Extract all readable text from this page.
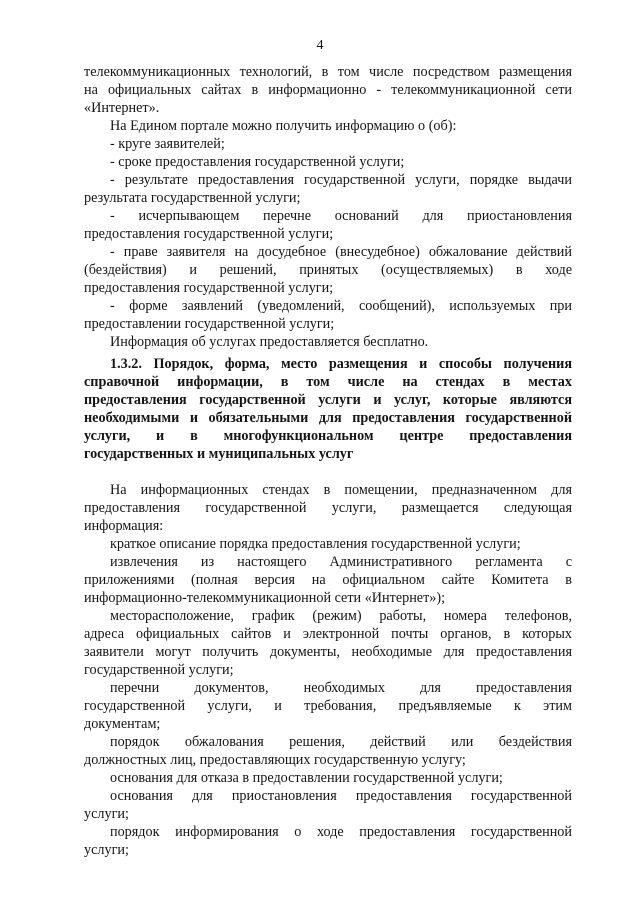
4
телекоммуникационных технологий, в том числе посредством размещения
на официальных сайтах в информационно - телекоммуникационной сети
«Интернет».
На Едином портале можно получить информацию о (об):
- круге заявителей;
- сроке предоставления государственной услуги;
- результате предоставления государственной услуги, порядке выдачи
результата государственной услуги;
- исчерпывающем перечне оснований для приостановления
предоставления государственной услуги;
- праве заявителя на досудебное (внесудебное) обжалование действий
(бездействия) и решений, принятых (осуществляемых) в ходе
предоставления государственной услуги;
- форме заявлений (уведомлений, сообщений), используемых при
предоставлении государственной услуги;
Информация об услугах предоставляется бесплатно.
1.3.2. Порядок, форма, место размещения и способы получения
справочной информации, в том числе на стендах в местах
предоставления государственной услуги и услуг, которые являются
необходимыми и обязательными для предоставления государственной
услуги, и в многофункциональном центре предоставления
государственных и муниципальных услуг
На информационных стендах в помещении, предназначенном для
предоставления государственной услуги, размещается следующая
информация:
краткое описание порядка предоставления государственной услуги;
извлечения из настоящего Административного регламента с
приложениями (полная версия на официальном сайте Комитета в
информационно-телекоммуникационной сети «Интернет»);
месторасположение, график (режим) работы, номера телефонов,
адреса официальных сайтов и электронной почты органов, в которых
заявители могут получить документы, необходимые для предоставления
государственной услуги;
перечни документов, необходимых для предоставления
государственной услуги, и требования, предъявляемые к этим
документам;
порядок обжалования решения, действий или бездействия
должностных лиц, предоставляющих государственную услугу;
основания для отказа в предоставлении государственной услуги;
основания для приостановления предоставления государственной
услуги;
порядок информирования о ходе предоставления государственной
услуги;
